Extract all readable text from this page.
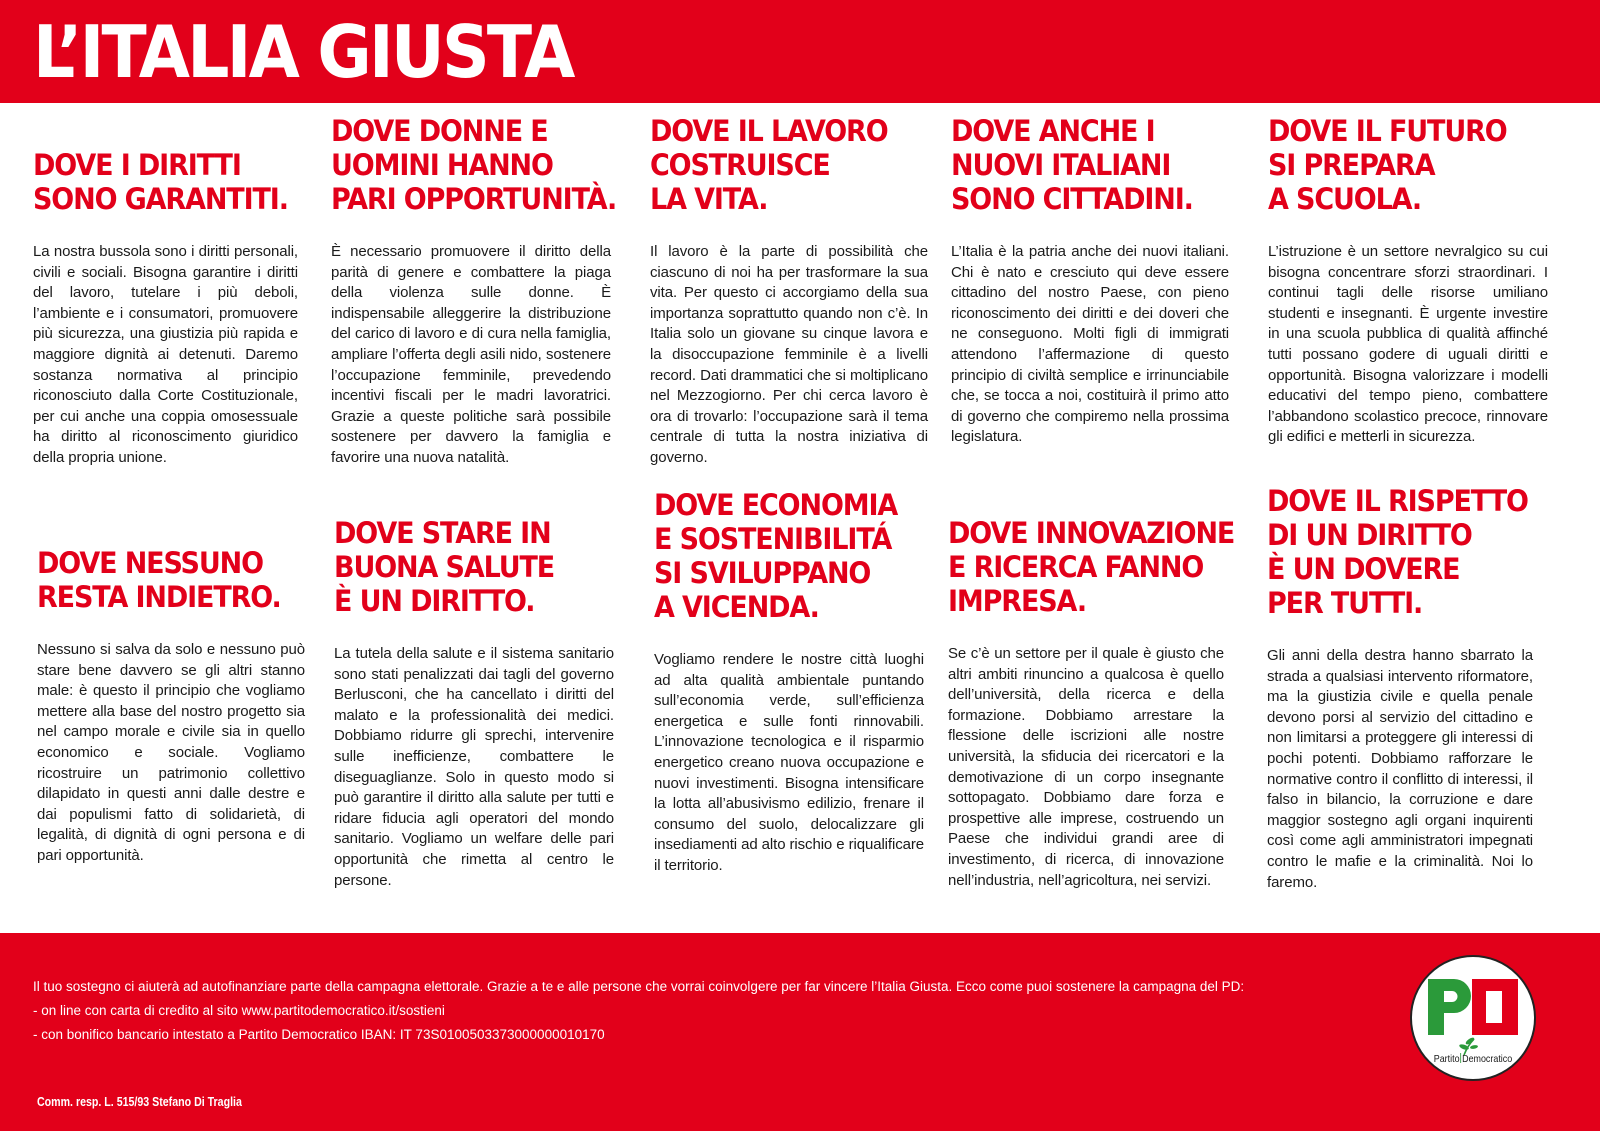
L’ITALIA GIUSTA
DOVE I DIRITTI
SONO GARANTITI.

La nostra bussola sono i diritti personali, civili e sociali. Bisogna garantire i diritti del lavoro, tutelare i più deboli, l’ambiente e i consumatori, promuovere più sicurezza, una giustizia più rapida e maggiore dignità ai detenuti. Daremo sostanza normativa al principio riconosciuto dalla Corte Costituzionale, per cui anche una coppia omosessuale ha diritto al riconoscimento giuridico della propria unione.

DOVE DONNE E
UOMINI HANNO
PARI OPPORTUNITÀ.

È necessario promuovere il diritto della parità di genere e combattere la piaga della violenza sulle donne. È indispensabile alleggerire la distribuzione del carico di lavoro e di cura nella famiglia, ampliare l’offerta degli asili nido, sostenere l’occupazione femminile, prevedendo incentivi fiscali per le madri lavoratrici. Grazie a queste politiche sarà possibile sostenere per davvero la famiglia e favorire una nuova natalità.

DOVE IL LAVORO
COSTRUISCE
LA VITA.

Il lavoro è la parte di possibilità che ciascuno di noi ha per trasformare la sua vita. Per questo ci accorgiamo della sua importanza soprattutto quando non c’è. In Italia solo un giovane su cinque lavora e la disoccupazione femminile è a livelli record. Dati drammatici che si moltiplicano nel Mezzogiorno. Per chi cerca lavoro è ora di trovarlo: l’occupazione sarà il tema centrale di tutta la nostra iniziativa di governo.

DOVE ANCHE I
NUOVI ITALIANI
SONO CITTADINI.

L’Italia è la patria anche dei nuovi italiani. Chi è nato e cresciuto qui deve essere cittadino del nostro Paese, con pieno riconoscimento dei diritti e dei doveri che ne conseguono. Molti figli di immigrati attendono l’affermazione di questo principio di civiltà semplice e irrinunciabile che, se tocca a noi, costituirà il primo atto di governo che compiremo nella prossima legislatura.

DOVE IL FUTURO
SI PREPARA
A SCUOLA.

L’istruzione è un settore nevralgico su cui bisogna concentrare sforzi straordinari. I continui tagli delle risorse umiliano studenti e insegnanti. È urgente investire in una scuola pubblica di qualità affinché tutti possano godere di uguali diritti e opportunità. Bisogna valorizzare i modelli educativi del tempo pieno, combattere l’abbandono scolastico precoce, rinnovare gli edifici e metterli in sicurezza.

DOVE NESSUNO
RESTA INDIETRO.

Nessuno si salva da solo e nessuno può stare bene davvero se gli altri stanno male: è questo il principio che vogliamo mettere alla base del nostro progetto sia nel campo morale e civile sia in quello economico e sociale. Vogliamo ricostruire un patrimonio collettivo dilapidato in questi anni dalle destre e dai populismi fatto di solidarietà, di legalità, di dignità di ogni persona e di pari opportunità.

DOVE STARE IN
BUONA SALUTE
È UN DIRITTO.

La tutela della salute e il sistema sanitario sono stati penalizzati dai tagli del governo Berlusconi, che ha cancellato i diritti del malato e la professionalità dei medici. Dobbiamo ridurre gli sprechi, intervenire sulle inefficienze, combattere le diseguaglianze. Solo in questo modo si può garantire il diritto alla salute per tutti e ridare fiducia agli operatori del mondo sanitario. Vogliamo un welfare delle pari opportunità che rimetta al centro le persone.

DOVE ECONOMIA
E SOSTENIBILITÁ
SI SVILUPPANO
A VICENDA.

Vogliamo rendere le nostre città luoghi ad alta qualità ambientale puntando sull’economia verde, sull’efficienza energetica e sulle fonti rinnovabili. L’innovazione tecnologica e il risparmio energetico creano nuova occupazione e nuovi investimenti. Bisogna intensificare la lotta all’abusivismo edilizio, frenare il consumo del suolo, delocalizzare gli insediamenti ad alto rischio e riqualificare il territorio.

DOVE INNOVAZIONE
E RICERCA FANNO
IMPRESA.

Se c’è un settore per il quale è giusto che altri ambiti rinuncino a qualcosa è quello dell’università, della ricerca e della formazione. Dobbiamo arrestare la flessione delle iscrizioni alle nostre università, la sfiducia dei ricercatori e la demotivazione di un corpo insegnante sottopagato. Dobbiamo dare forza e prospettive alle imprese, costruendo un Paese che individui grandi aree di investimento, di ricerca, di innovazione nell’industria, nell’agricoltura, nei servizi.

DOVE IL RISPETTO
DI UN DIRITTO
È UN DOVERE
PER TUTTI.

Gli anni della destra hanno sbarrato la strada a qualsiasi intervento riformatore, ma la giustizia civile e quella penale devono porsi al servizio del cittadino e non limitarsi a proteggere gli interessi di pochi potenti. Dobbiamo rafforzare le normative contro il conflitto di interessi, il falso in bilancio, la corruzione e dare maggior sostegno agli organi inquirenti così come agli amministratori impegnati contro le mafie e la criminalità. Noi lo faremo.

Il tuo sostegno ci aiuterà ad autofinanziare parte della campagna elettorale. Grazie a te e alle persone che vorrai coinvolgere per far vincere l’Italia Giusta. Ecco come puoi sostenere la campagna del PD:
- on line con carta di credito al sito www.partitodemocratico.it/sostieni
- con bonifico bancario intestato a Partito Democratico IBAN: IT 73S0100503373000000010170
Comm. resp. L. 515/93 Stefano Di Traglia
Partito Democratico
